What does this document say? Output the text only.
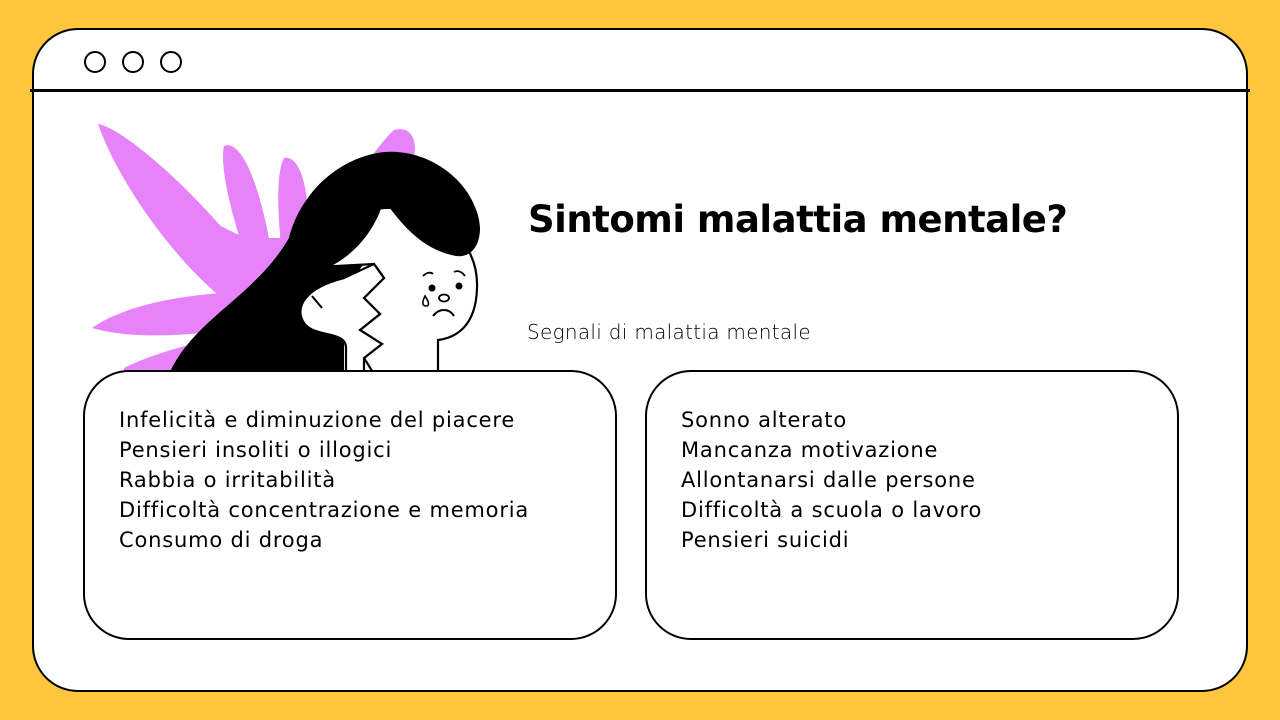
Sintomi malattia mentale?
Segnali di malattia mentale
Infelicità e diminuzione del piacere
Pensieri insoliti o illogici
Rabbia o irritabilità
Difficoltà concentrazione e memoria
Consumo di droga
Sonno alterato
Mancanza motivazione
Allontanarsi dalle persone
Difficoltà a scuola o lavoro
Pensieri suicidi
